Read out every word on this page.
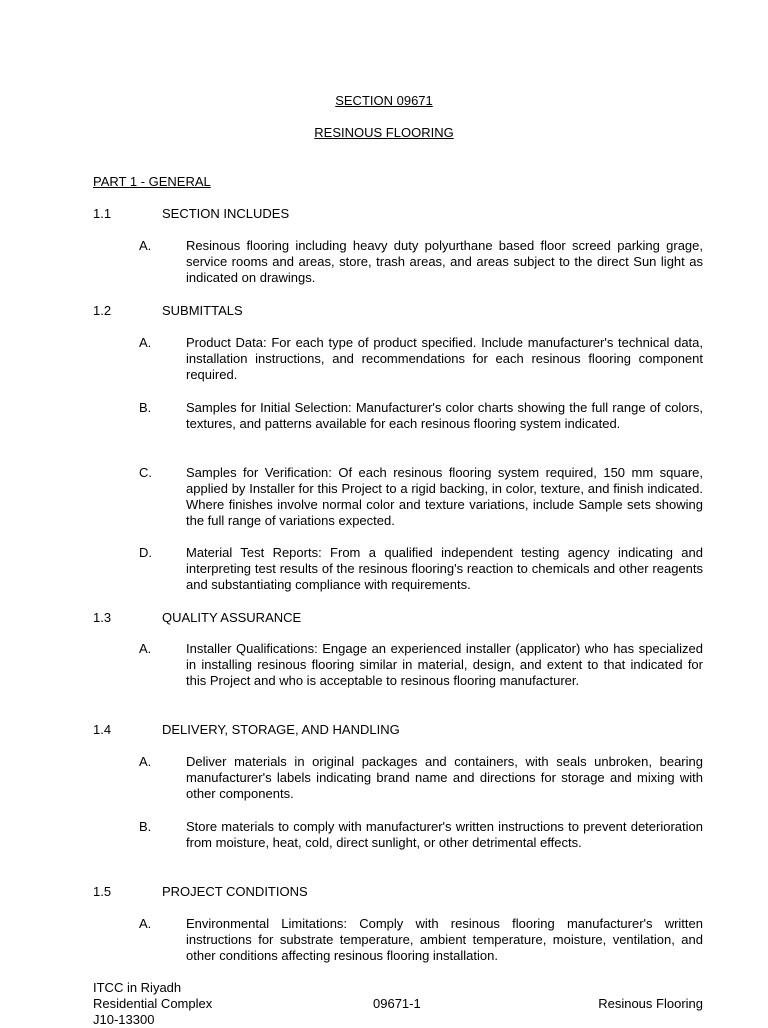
SECTION 09671
RESINOUS FLOORING
PART 1 - GENERAL
1.1	SECTION INCLUDES
A.	Resinous flooring including heavy duty polyurthane based floor screed parking grage, service rooms and areas, store, trash areas, and areas subject to the direct Sun light as indicated on drawings.
1.2	SUBMITTALS
A.	Product Data: For each type of product specified. Include manufacturer's technical data, installation instructions, and recommendations for each resinous flooring component required.
B.	Samples for Initial Selection: Manufacturer's color charts showing the full range of colors, textures, and patterns available for each resinous flooring system indicated.
C.	Samples for Verification: Of each resinous flooring system required, 150 mm square, applied by Installer for this Project to a rigid backing, in color, texture, and finish indicated. Where finishes involve normal color and texture variations, include Sample sets showing the full range of variations expected.
D.	Material Test Reports: From a qualified independent testing agency indicating and interpreting test results of the resinous flooring's reaction to chemicals and other reagents and substantiating compliance with requirements.
1.3	QUALITY ASSURANCE
A.	Installer Qualifications: Engage an experienced installer (applicator) who has specialized in installing resinous flooring similar in material, design, and extent to that indicated for this Project and who is acceptable to resinous flooring manufacturer.
1.4	DELIVERY, STORAGE, AND HANDLING
A.	Deliver materials in original packages and containers, with seals unbroken, bearing manufacturer's labels indicating brand name and directions for storage and mixing with other components.
B.	Store materials to comply with manufacturer's written instructions to prevent deterioration from moisture, heat, cold, direct sunlight, or other detrimental effects.
1.5	PROJECT CONDITIONS
A.	Environmental Limitations: Comply with resinous flooring manufacturer's written instructions for substrate temperature, ambient temperature, moisture, ventilation, and other conditions affecting resinous flooring installation.
ITCC in Riyadh
Residential Complex
J10-13300
09671-1	Resinous Flooring
